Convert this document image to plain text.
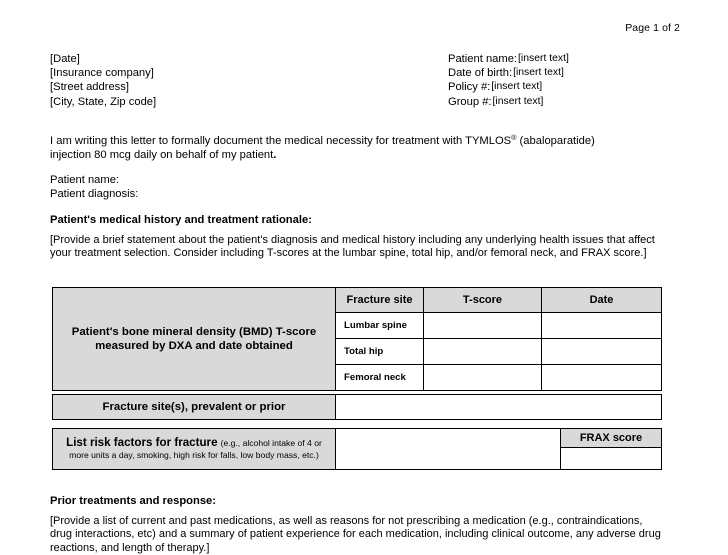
Page 1 of 2
[Date]
[Insurance company]
[Street address]
[City, State, Zip code]
Patient name:[insert text]
Date of birth:[insert text]
Policy #:[insert text]
Group #:[insert text]
I am writing this letter to formally document the medical necessity for treatment with TYMLOS® (abaloparatide) injection 80 mcg daily on behalf of my patient.
Patient name:
Patient diagnosis:
Patient's medical history and treatment rationale:
[Provide a brief statement about the patient's diagnosis and medical history including any underlying health issues that affect your treatment selection. Consider including T-scores at the lumbar spine, total hip, and/or femoral neck, and FRAX score.]
Patient's bone mineral density (BMD) T-score measured by DXA and date obtained	Fracture site	T-score	Date
	Lumbar spine		
	Total hip		
	Femoral neck		
Fracture site(s), prevalent or prior	
List risk factors for fracture (e.g., alcohol intake of 4 or more units a day, smoking, high risk for falls, low body mass, etc.)		FRAX score

Prior treatments and response:
[Provide a list of current and past medications, as well as reasons for not prescribing a medication (e.g., contraindications, drug interactions, etc) and a summary of patient experience for each medication, including clinical outcome, any adverse drug reactions, and length of therapy.]
